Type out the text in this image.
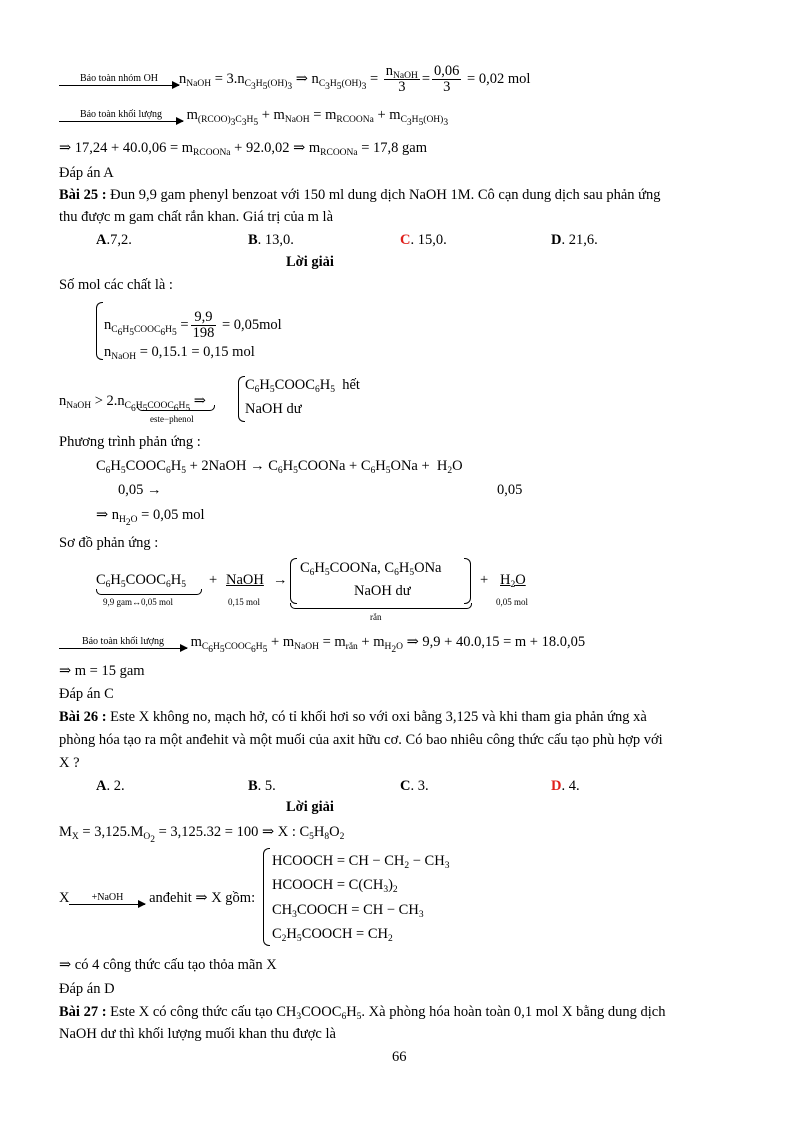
Bảo toàn nhóm OH	$n_{NaOH} = 3.n_{C_3H_5(OH)_3}$ ⇒ $n_{C_3H_5(OH)_3} = \frac{n_{NaOH}}{3} = \frac{0,06}{3} = 0,02$ mol
Bảo toàn khối lượng	$m_{(RCOO)_3C_3H_5} + m_{NaOH} = m_{RCOONa} + m_{C_3H_5(OH)_3}$
⇒ $17,24 + 40.0,06 = m_{RCOONa} + 92.0,02$ ⇒ $m_{RCOONa} = 17,8$ gam
Đáp án A
Bài 25 : Đun 9,9 gam phenyl benzoat với 150 ml dung dịch NaOH 1M. Cô cạn dung dịch sau phản ứng
thu được m gam chất rắn khan. Giá trị của m là
A.7,2.	B. 13,0.	C. 15,0.	D. 21,6.
Lời giải
Số mol các chất là :
$n_{C_6H_5COOC_6H_5} = \frac{9,9}{198} = 0,05mol$
$n_{NaOH} = 0,15.1 = 0,15$ mol
$n_{NaOH} > 2.n_{C_6H_5COOC_6H_5}$ ⇒
este−phenol
$C_6H_5COOC_6H_5$  hết
NaOH dư
Phương trình phản ứng :
$C_6H_5COOC_6H_5$ + 2NaOH → $C_6H_5COONa + C_6H_5ONa + H_2O$
0,05 →	0,05
⇒ $n_{H_2O} = 0,05$ mol
Sơ đồ phản ứng :
$C_6H_5COOC_6H_5$
9,9 gam↔0,05 mol
+ NaOH
0,15 mol
→
$C_6H_5COONa$, $C_6H_5ONa$
NaOH dư
rắn
+ $H_2O$
0,05 mol
Bảo toàn khối lượng	$m_{C_6H_5COOC_6H_5} + m_{NaOH} = m_{rắn} + m_{H_2O}$ ⇒ 9,9 + 40.0,15 = m + 18.0,05
⇒ m = 15 gam
Đáp án C
Bài 26 : Este X không no, mạch hở, có tỉ khối hơi so với oxi bằng 3,125 và khi tham gia phản ứng xà
phòng hóa tạo ra một anđehit và một muối của axit hữu cơ. Có bao nhiêu công thức cấu tạo phù hợp với
X ?
A. 2.	B. 5.	C. 3.	D. 4.
Lời giải
$M_X = 3,125.M_{O_2} = 3,125.32 = 100$ ⇒ X : $C_5H_8O_2$
X	+NaOH	anđehit ⇒ X gồm:
HCOOCH = CH − $CH_2 - CH_3$
HCOOCH = $C(CH_3)_2$
$CH_3COOCH$ = CH − $CH_3$
$C_2H_5COOCH = CH_2$
⇒ có 4 công thức cấu tạo thỏa mãn X
Đáp án D
Bài 27 : Este X có công thức cấu tạo $CH_3COOC_6H_5$. Xà phòng hóa hoàn toàn 0,1 mol X bằng dung dịch
NaOH dư thì khối lượng muối khan thu được là
66
